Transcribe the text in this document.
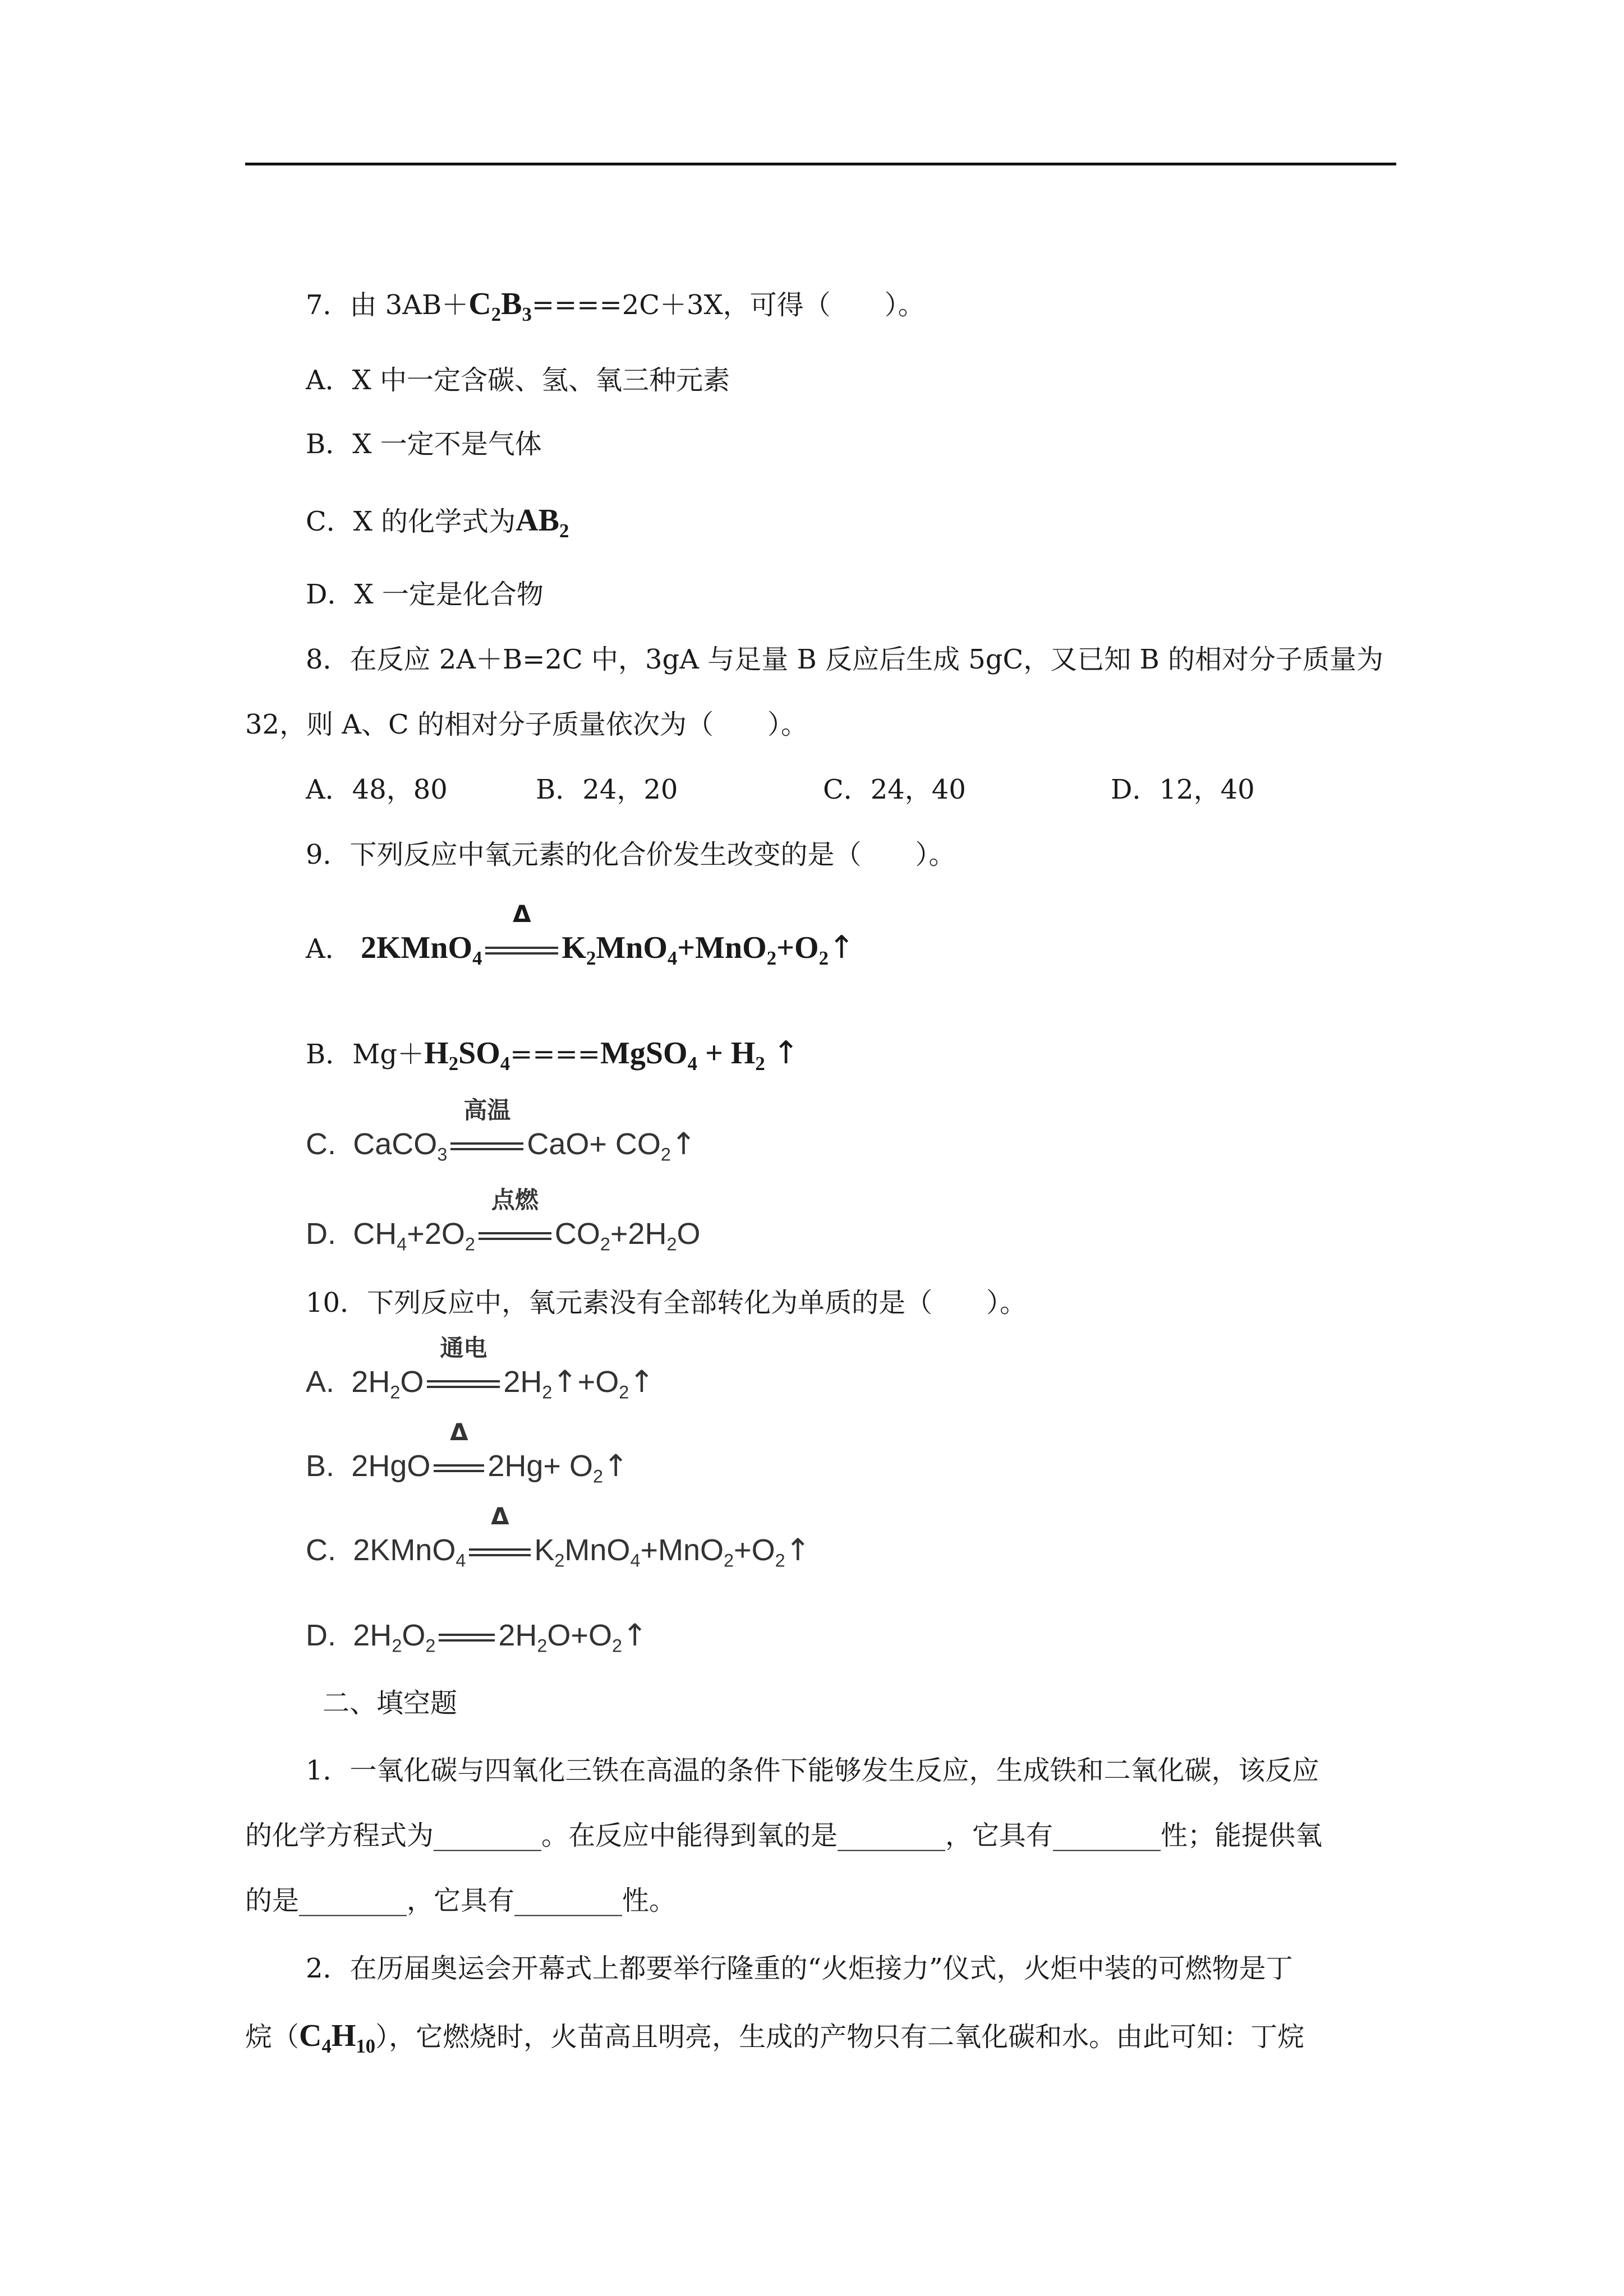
7．由 $3AB+C_2B_3====2C+3X$，可得（　　）。
A．X 中一定含碳、氢、氧三种元素
B．X 一定不是气体
C．X 的化学式为$AB_2$
D．X 一定是化合物
8．在反应 2A＋B=2C 中，3gA 与足量 B 反应后生成 5gC，又已知 B 的相对分子质量为
32，则 A、C 的相对分子质量依次为（　　）。
A．48，80	B．24，20	C．24，40	D．12，40
9．下列反应中氧元素的化合价发生改变的是（　　）。
A． 2KMnO$_4$
Δ
$K_2MnO_4+MnO_2+O_2↑$
B．$Mg+H_2SO_4====MgSO_4 + H_2$ ↑
C.  CaCO$_3$
高温
$CaO+ CO_2↑$
D.  $CH_4+2O_2$
点燃
$CO_2+2H_2O$
10．下列反应中，氧元素没有全部转化为单质的是（　　）。
A.  $2H_2O$
通电
$2H_2↑+O_2↑$
B.  2HgO
Δ
$2Hg+ O_2↑$
C.  2KMnO$_4$
Δ
$K_2MnO_4+MnO_2+O_2↑$
D.  $2H_2O_2$ $2H_2O+O_2↑$
二、填空题
1．一氧化碳与四氧化三铁在高温的条件下能够发生反应，生成铁和二氧化碳，该反应
的化学方程式为________。在反应中能得到氧的是________，它具有________性；能提供氧
的是________，它具有________性。
2．在历届奥运会开幕式上都要举行隆重的“火炬接力”仪式，火炬中装的可燃物是丁
烷$(C_4H_{10})$，它燃烧时，火苗高且明亮，生成的产物只有二氧化碳和水。由此可知：丁烷
